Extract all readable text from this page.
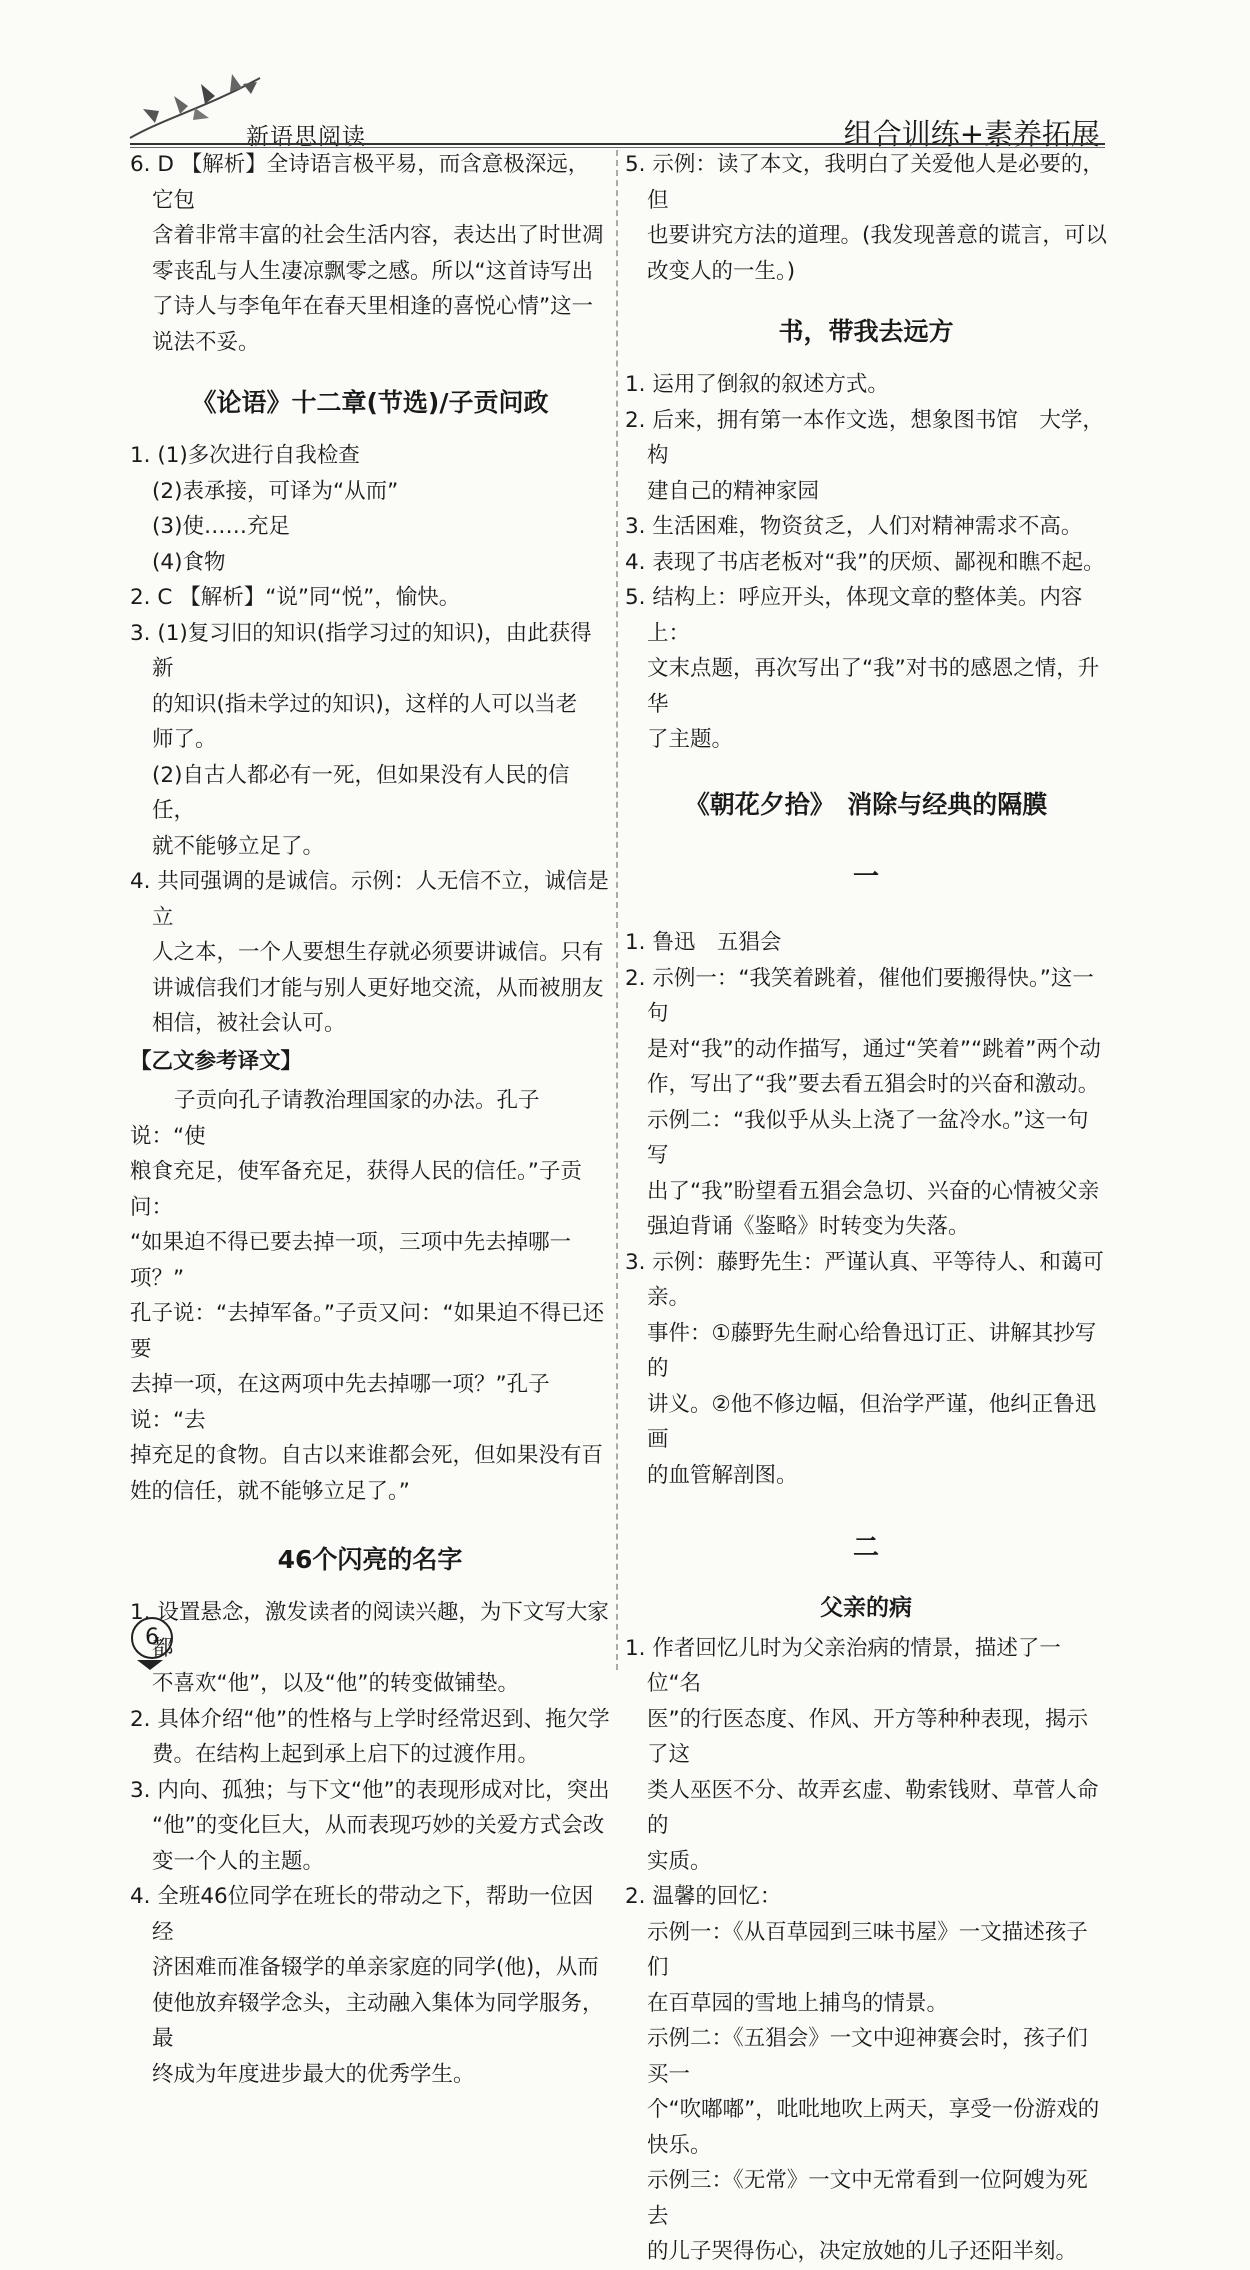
新语思阅读	组合训练+素养拓展

6. D 【解析】全诗语言极平易，而含意极深远，它包

含着非常丰富的社会生活内容，表达出了时世凋

零丧乱与人生凄凉飘零之感。所以“这首诗写出

了诗人与李龟年在春天里相逢的喜悦心情”这一

说法不妥。

《论语》十二章(节选)/子贡问政

1. (1)多次进行自我检查

(2)表承接，可译为“从而”

(3)使……充足

(4)食物

2. C 【解析】“说”同“悦”，愉快。

3. (1)复习旧的知识(指学习过的知识)，由此获得新

的知识(指未学过的知识)，这样的人可以当老

师了。

(2)自古人都必有一死，但如果没有人民的信任，

就不能够立足了。

4. 共同强调的是诚信。示例：人无信不立，诚信是立

人之本，一个人要想生存就必须要讲诚信。只有

讲诚信我们才能与别人更好地交流，从而被朋友

相信，被社会认可。

【乙文参考译文】

子贡向孔子请教治理国家的办法。孔子说：“使

粮食充足，使军备充足，获得人民的信任。”子贡问：

“如果迫不得已要去掉一项，三项中先去掉哪一项？”

孔子说：“去掉军备。”子贡又问：“如果迫不得已还要

去掉一项，在这两项中先去掉哪一项？”孔子说：“去

掉充足的食物。自古以来谁都会死，但如果没有百

姓的信任，就不能够立足了。”

46个闪亮的名字

1. 设置悬念，激发读者的阅读兴趣，为下文写大家都

不喜欢“他”，以及“他”的转变做铺垫。

2. 具体介绍“他”的性格与上学时经常迟到、拖欠学

费。在结构上起到承上启下的过渡作用。

3. 内向、孤独；与下文“他”的表现形成对比，突出

“他”的变化巨大，从而表现巧妙的关爱方式会改

变一个人的主题。

4. 全班46位同学在班长的带动之下，帮助一位因经

济困难而准备辍学的单亲家庭的同学(他)，从而

使他放弃辍学念头，主动融入集体为同学服务，最

终成为年度进步最大的优秀学生。

5. 示例：读了本文，我明白了关爱他人是必要的，但

也要讲究方法的道理。(我发现善意的谎言，可以

改变人的一生。)

书，带我去远方

1. 运用了倒叙的叙述方式。

2. 后来，拥有第一本作文选，想象图书馆　大学，构

建自己的精神家园

3. 生活困难，物资贫乏，人们对精神需求不高。

4. 表现了书店老板对“我”的厌烦、鄙视和瞧不起。

5. 结构上：呼应开头，体现文章的整体美。内容上：

文末点题，再次写出了“我”对书的感恩之情，升华

了主题。

《朝花夕拾》　消除与经典的隔膜
一

1. 鲁迅　五猖会

2. 示例一：“我笑着跳着，催他们要搬得快。”这一句

是对“我”的动作描写，通过“笑着”“跳着”两个动

作，写出了“我”要去看五猖会时的兴奋和激动。

示例二：“我似乎从头上浇了一盆冷水。”这一句写

出了“我”盼望看五猖会急切、兴奋的心情被父亲

强迫背诵《鉴略》时转变为失落。

3. 示例：藤野先生：严谨认真、平等待人、和蔼可亲。

事件：①藤野先生耐心给鲁迅订正、讲解其抄写的

讲义。②他不修边幅，但治学严谨，他纠正鲁迅画

的血管解剖图。

二
父亲的病

1. 作者回忆儿时为父亲治病的情景，描述了一位“名

医”的行医态度、作风、开方等种种表现，揭示了这

类人巫医不分、故弄玄虚、勒索钱财、草菅人命的

实质。

2. 温馨的回忆：

示例一：《从百草园到三味书屋》一文描述孩子们

在百草园的雪地上捕鸟的情景。

示例二：《五猖会》一文中迎神赛会时，孩子们买一

个“吹嘟嘟”，吡吡地吹上两天，享受一份游戏的

快乐。

示例三：《无常》一文中无常看到一位阿嫂为死去

的儿子哭得伤心，决定放她的儿子还阳半刻。

6
